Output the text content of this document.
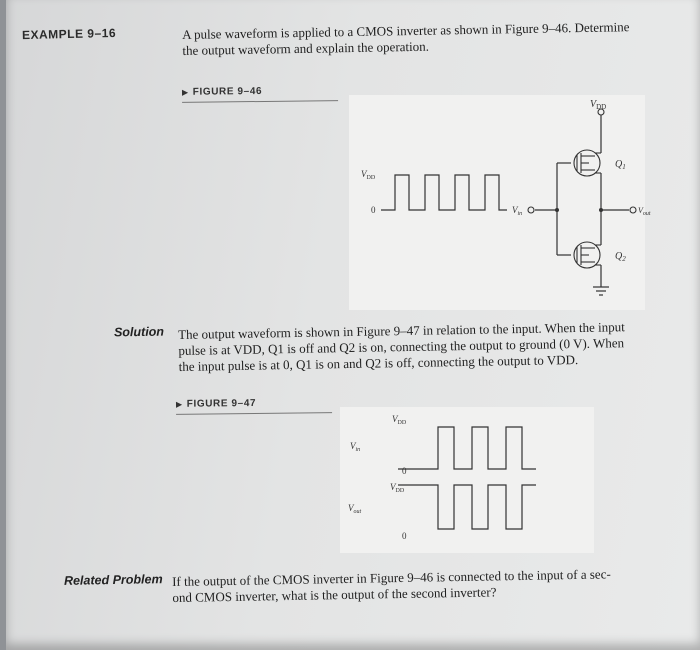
EXAMPLE 9–16	A pulse waveform is applied to a CMOS inverter as shown in Figure 9–46. Determine

the output waveform and explain the operation.

▶ FIGURE 9–46
$V_{DD}$
$Q_1$
$Q_2$
$V_{DD}$
0	$V_{in}$	$V_{out}$
Solution The output waveform is shown in Figure 9–47 in relation to the input. When the input

pulse is at VDD, Q1 is off and Q2 is on, connecting the output to ground (0 V). When

the input pulse is at 0, Q1 is on and Q2 is off, connecting the output to VDD.

▶ FIGURE 9–47
$V_{in}$
$V_{out}$
$V_{DD}$
0
$V_{DD}$
0
Related Problem If the output of the CMOS inverter in Figure 9–46 is connected to the input of a sec-

ond CMOS inverter, what is the output of the second inverter?
